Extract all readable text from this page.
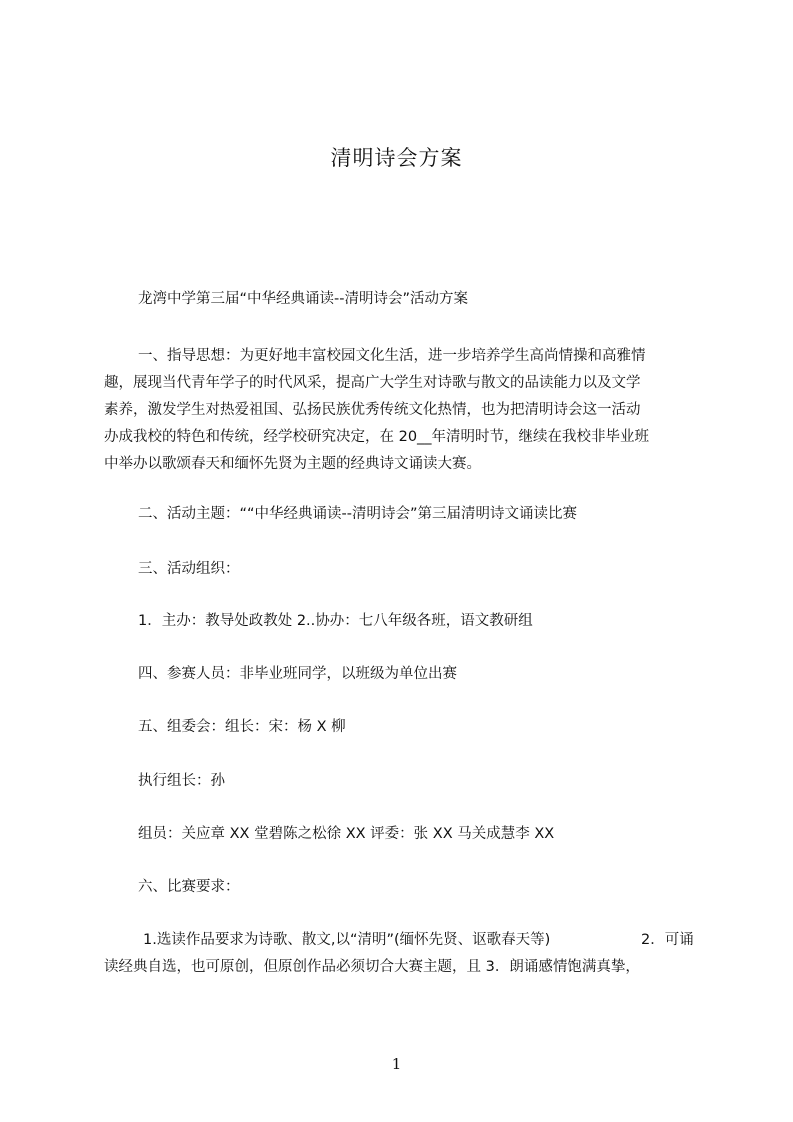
清明诗会方案
龙湾中学第三届“中华经典诵读--清明诗会”活动方案
一、指导思想：为更好地丰富校园文化生活，进一步培养学生高尚情操和高雅情
趣，展现当代青年学子的时代风采，提高广大学生对诗歌与散文的品读能力以及文学
素养，激发学生对热爱祖国、弘扬民族优秀传统文化热情，也为把清明诗会这一活动
办成我校的特色和传统，经学校研究决定，在 20__年清明时节，继续在我校非毕业班
中举办以歌颂春天和缅怀先贤为主题的经典诗文诵读大赛。
二、活动主题：““中华经典诵读--清明诗会”第三届清明诗文诵读比赛
三、活动组织：
1．主办：教导处政教处 2..协办：七八年级各班，语文教研组
四、参赛人员：非毕业班同学，以班级为单位出赛
五、组委会：组长：宋：杨 X 柳
执行组长：孙
组员：关应章 XX 堂碧陈之松徐 XX 评委：张 XX 马关成慧李 XX
六、比赛要求：
1.选读作品要求为诗歌、散文,以“清明”(缅怀先贤、讴歌春天等)	2．可诵
读经典自选，也可原创，但原创作品必须切合大赛主题，且 3．朗诵感情饱满真挚，
1
